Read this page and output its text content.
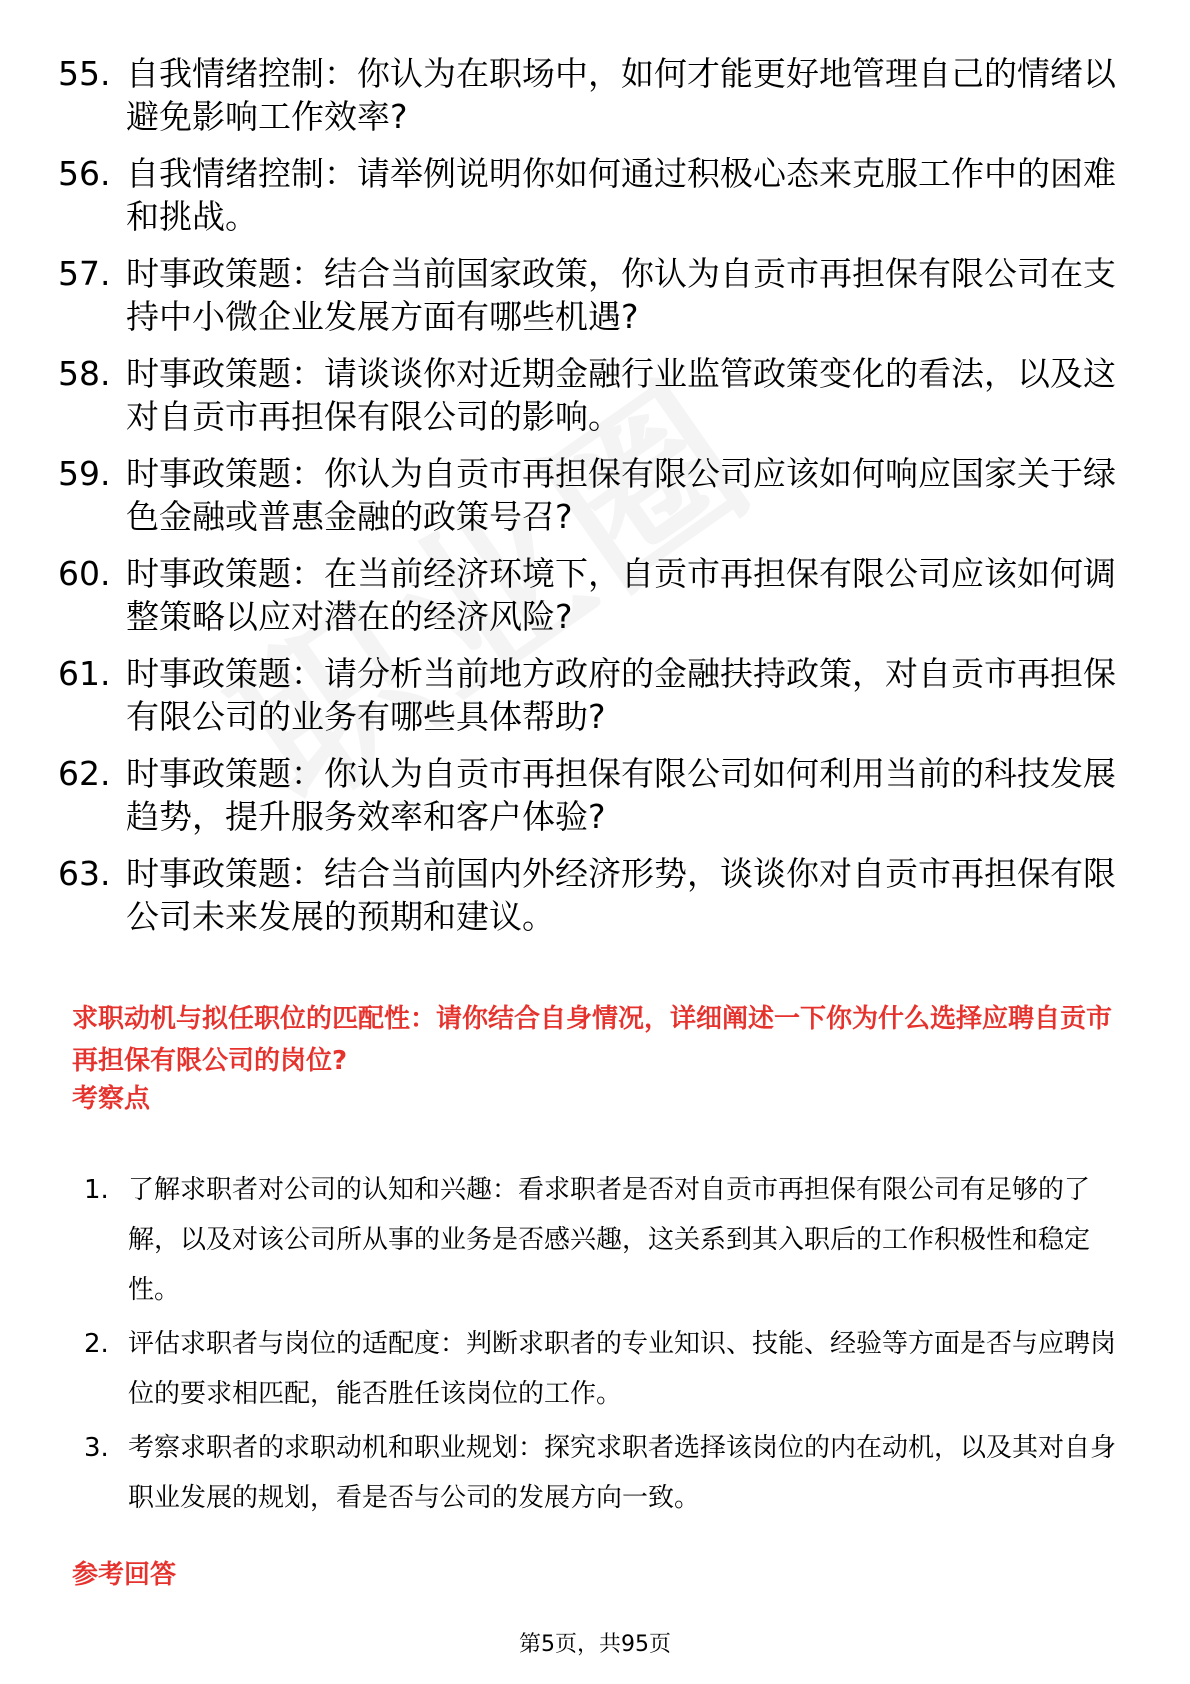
55. 自我情绪控制：你认为在职场中，如何才能更好地管理自己的情绪以避免影响工作效率?
56. 自我情绪控制：请举例说明你如何通过积极心态来克服工作中的困难和挑战。
57. 时事政策题：结合当前国家政策，你认为自贡市再担保有限公司在支持中小微企业发展方面有哪些机遇?
58. 时事政策题：请谈谈你对近期金融行业监管政策变化的看法，以及这对自贡市再担保有限公司的影响。
59. 时事政策题：你认为自贡市再担保有限公司应该如何响应国家关于绿色金融或普惠金融的政策号召?
60. 时事政策题：在当前经济环境下，自贡市再担保有限公司应该如何调整策略以应对潜在的经济风险?
61. 时事政策题：请分析当前地方政府的金融扶持政策，对自贡市再担保有限公司的业务有哪些具体帮助?
62. 时事政策题：你认为自贡市再担保有限公司如何利用当前的科技发展趋势，提升服务效率和客户体验?
63. 时事政策题：结合当前国内外经济形势，谈谈你对自贡市再担保有限公司未来发展的预期和建议。
求职动机与拟任职位的匹配性：请你结合自身情况，详细阐述一下你为什么选择应聘自贡市再担保有限公司的岗位?
考察点
1. 了解求职者对公司的认知和兴趣：看求职者是否对自贡市再担保有限公司有足够的了解，以及对该公司所从事的业务是否感兴趣，这关系到其入职后的工作积极性和稳定性。
2. 评估求职者与岗位的适配度：判断求职者的专业知识、技能、经验等方面是否与应聘岗位的要求相匹配，能否胜任该岗位的工作。
3. 考察求职者的求职动机和职业规划：探究求职者选择该岗位的内在动机，以及其对自身职业发展的规划，看是否与公司的发展方向一致。
参考回答
第5页，共95页
